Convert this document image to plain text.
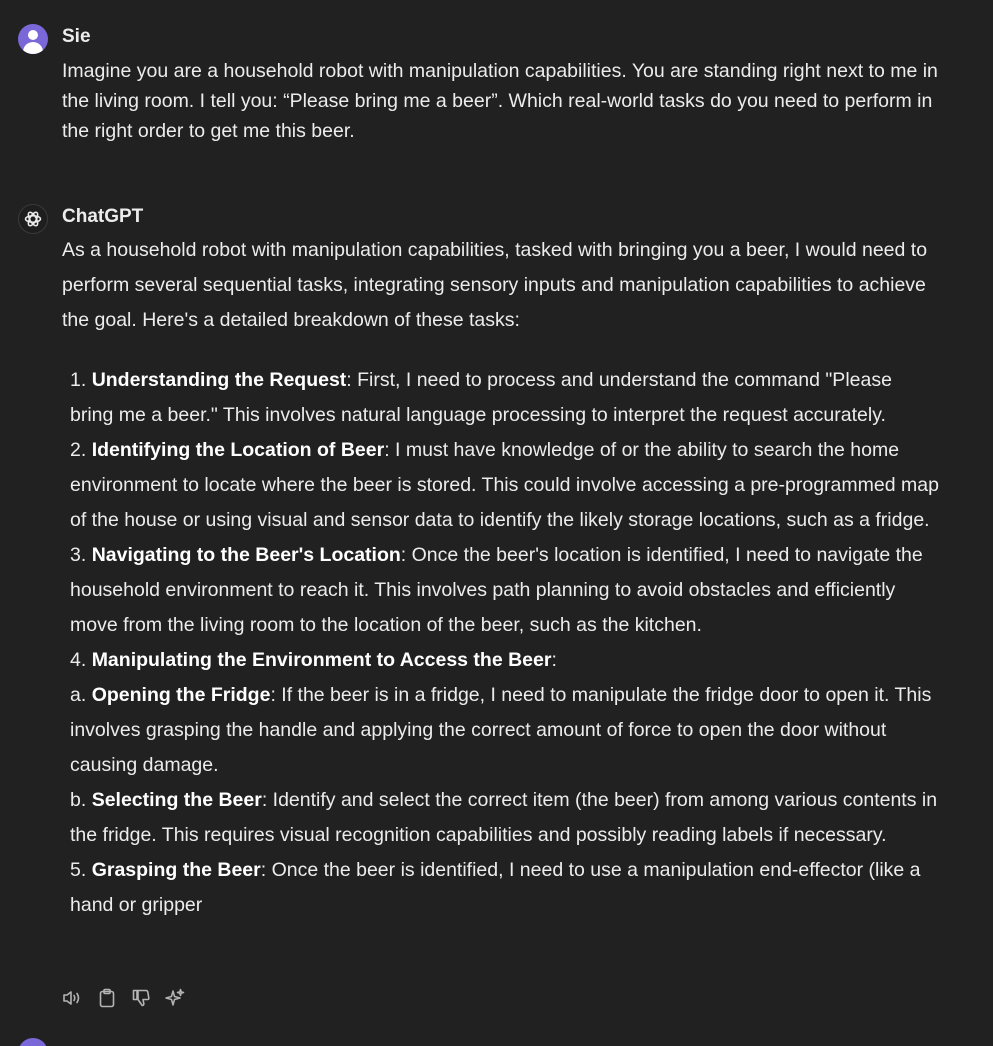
Sie
Imagine you are a household robot with manipulation capabilities. You are standing right next to me in the living room. I tell you: “Please bring me a beer”. Which real-world tasks do you need to perform in the right order to get me this beer.
ChatGPT
As a household robot with manipulation capabilities, tasked with bringing you a beer, I would need to perform several sequential tasks, integrating sensory inputs and manipulation capabilities to achieve the goal. Here's a detailed breakdown of these tasks:

1. Understanding the Request: First, I need to process and understand the command "Please bring me a beer." This involves natural language processing to interpret the request accurately.

2. Identifying the Location of Beer: I must have knowledge of or the ability to search the home environment to locate where the beer is stored. This could involve accessing a pre-programmed map of the house or using visual and sensor data to identify the likely storage locations, such as a fridge.

3. Navigating to the Beer's Location: Once the beer's location is identified, I need to navigate the household environment to reach it. This involves path planning to avoid obstacles and efficiently move from the living room to the location of the beer, such as the kitchen.

4. Manipulating the Environment to Access the Beer:

a. Opening the Fridge: If the beer is in a fridge, I need to manipulate the fridge door to open it. This involves grasping the handle and applying the correct amount of force to open the door without causing damage.

b. Selecting the Beer: Identify and select the correct item (the beer) from among various contents in the fridge. This requires visual recognition capabilities and possibly reading labels if necessary.

5. Grasping the Beer: Once the beer is identified, I need to use a manipulation end-effector (like a hand or gripper
